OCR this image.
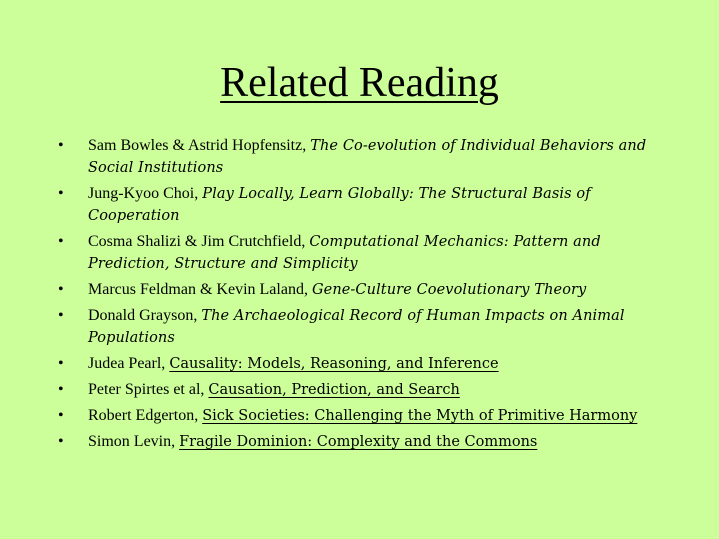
Related Reading
•	Sam Bowles & Astrid Hopfensitz, The Co-evolution of Individual Behaviors and Social Institutions
•	Jung-Kyoo Choi, Play Locally, Learn Globally: The Structural Basis of Cooperation
•	Cosma Shalizi & Jim Crutchfield, Computational Mechanics: Pattern and Prediction, Structure and Simplicity
•	Marcus Feldman & Kevin Laland, Gene-Culture Coevolutionary Theory
•	Donald Grayson, The Archaeological Record of Human Impacts on Animal Populations
•	Judea Pearl, Causality: Models, Reasoning, and Inference
•	Peter Spirtes et al, Causation, Prediction, and Search
•	Robert Edgerton, Sick Societies: Challenging the Myth of Primitive Harmony
•	Simon Levin, Fragile Dominion: Complexity and the Commons
